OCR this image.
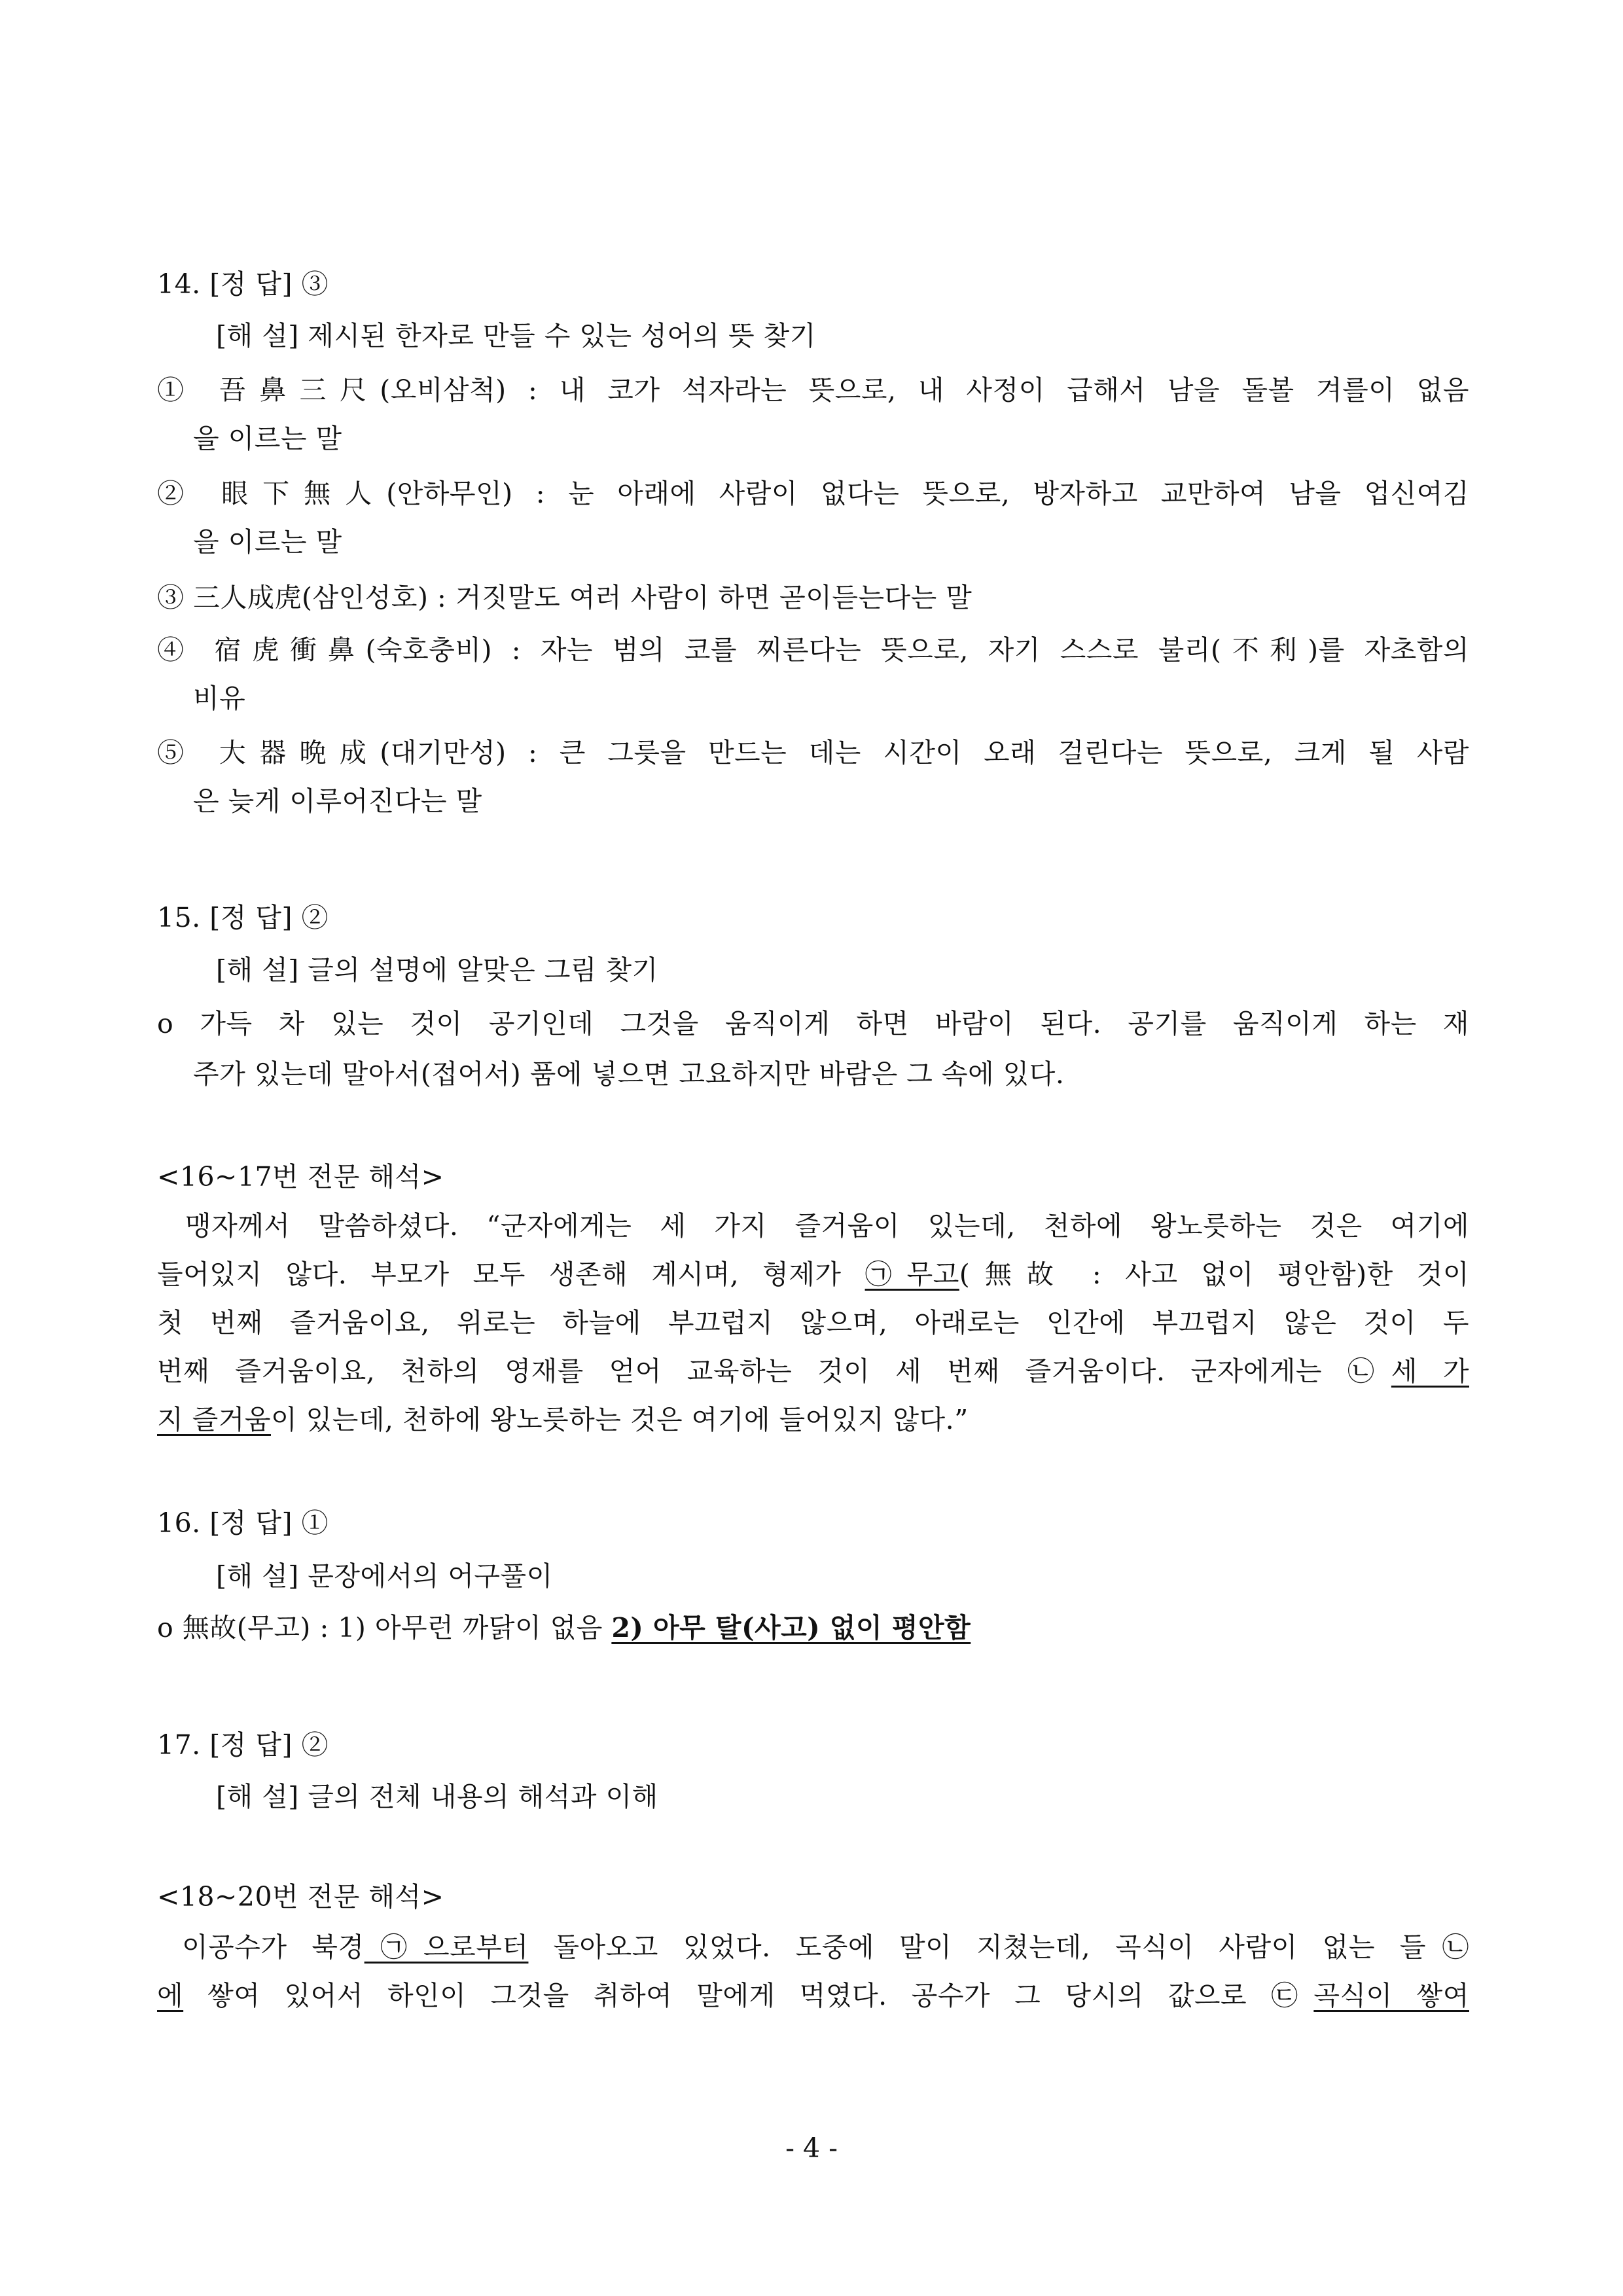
14. [정 답] ③
[해 설] 제시된 한자로 만들 수 있는 성어의 뜻 찾기
① 吾鼻三尺(오비삼척) : 내 코가 석자라는 뜻으로, 내 사정이 급해서 남을 돌볼 겨를이 없음
을 이르는 말
② 眼下無人(안하무인) : 눈 아래에 사람이 없다는 뜻으로, 방자하고 교만하여 남을 업신여김
을 이르는 말
③ 三人成虎(삼인성호) : 거짓말도 여러 사람이 하면 곧이듣는다는 말
④ 宿虎衝鼻(숙호충비) : 자는 범의 코를 찌른다는 뜻으로, 자기 스스로 불리(不利)를 자초함의
비유
⑤ 大器晩成(대기만성) : 큰 그릇을 만드는 데는 시간이 오래 걸린다는 뜻으로, 크게 될 사람
은 늦게 이루어진다는 말
15. [정 답] ②
[해 설] 글의 설명에 알맞은 그림 찾기
o 가득 차 있는 것이 공기인데 그것을 움직이게 하면 바람이 된다. 공기를 움직이게 하는 재
주가 있는데 말아서(접어서) 품에 넣으면 고요하지만 바람은 그 속에 있다.
<16~17번 전문 해석>
맹자께서 말씀하셨다. “군자에게는 세 가지 즐거움이 있는데, 천하에 왕노릇하는 것은 여기에
들어있지 않다. 부모가 모두 생존해 계시며, 형제가 ㉠무고(無故 : 사고 없이 평안함)한 것이
첫 번째 즐거움이요, 위로는 하늘에 부끄럽지 않으며, 아래로는 인간에 부끄럽지 않은 것이 두
번째 즐거움이요, 천하의 영재를 얻어 교육하는 것이 세 번째 즐거움이다. 군자에게는 ㉡세 가
지 즐거움이 있는데, 천하에 왕노릇하는 것은 여기에 들어있지 않다.”
16. [정 답] ①
[해 설] 문장에서의 어구풀이
o 無故(무고) : 1) 아무런 까닭이 없음 2) 아무 탈(사고) 없이 평안함
17. [정 답] ②
[해 설] 글의 전체 내용의 해석과 이해
<18~20번 전문 해석>
이공수가 북경㉠으로부터 돌아오고 있었다. 도중에 말이 지쳤는데, 곡식이 사람이 없는 들㉡
에 쌓여 있어서 하인이 그것을 취하여 말에게 먹였다. 공수가 그 당시의 값으로 ㉢곡식이 쌓여
- 4 -
